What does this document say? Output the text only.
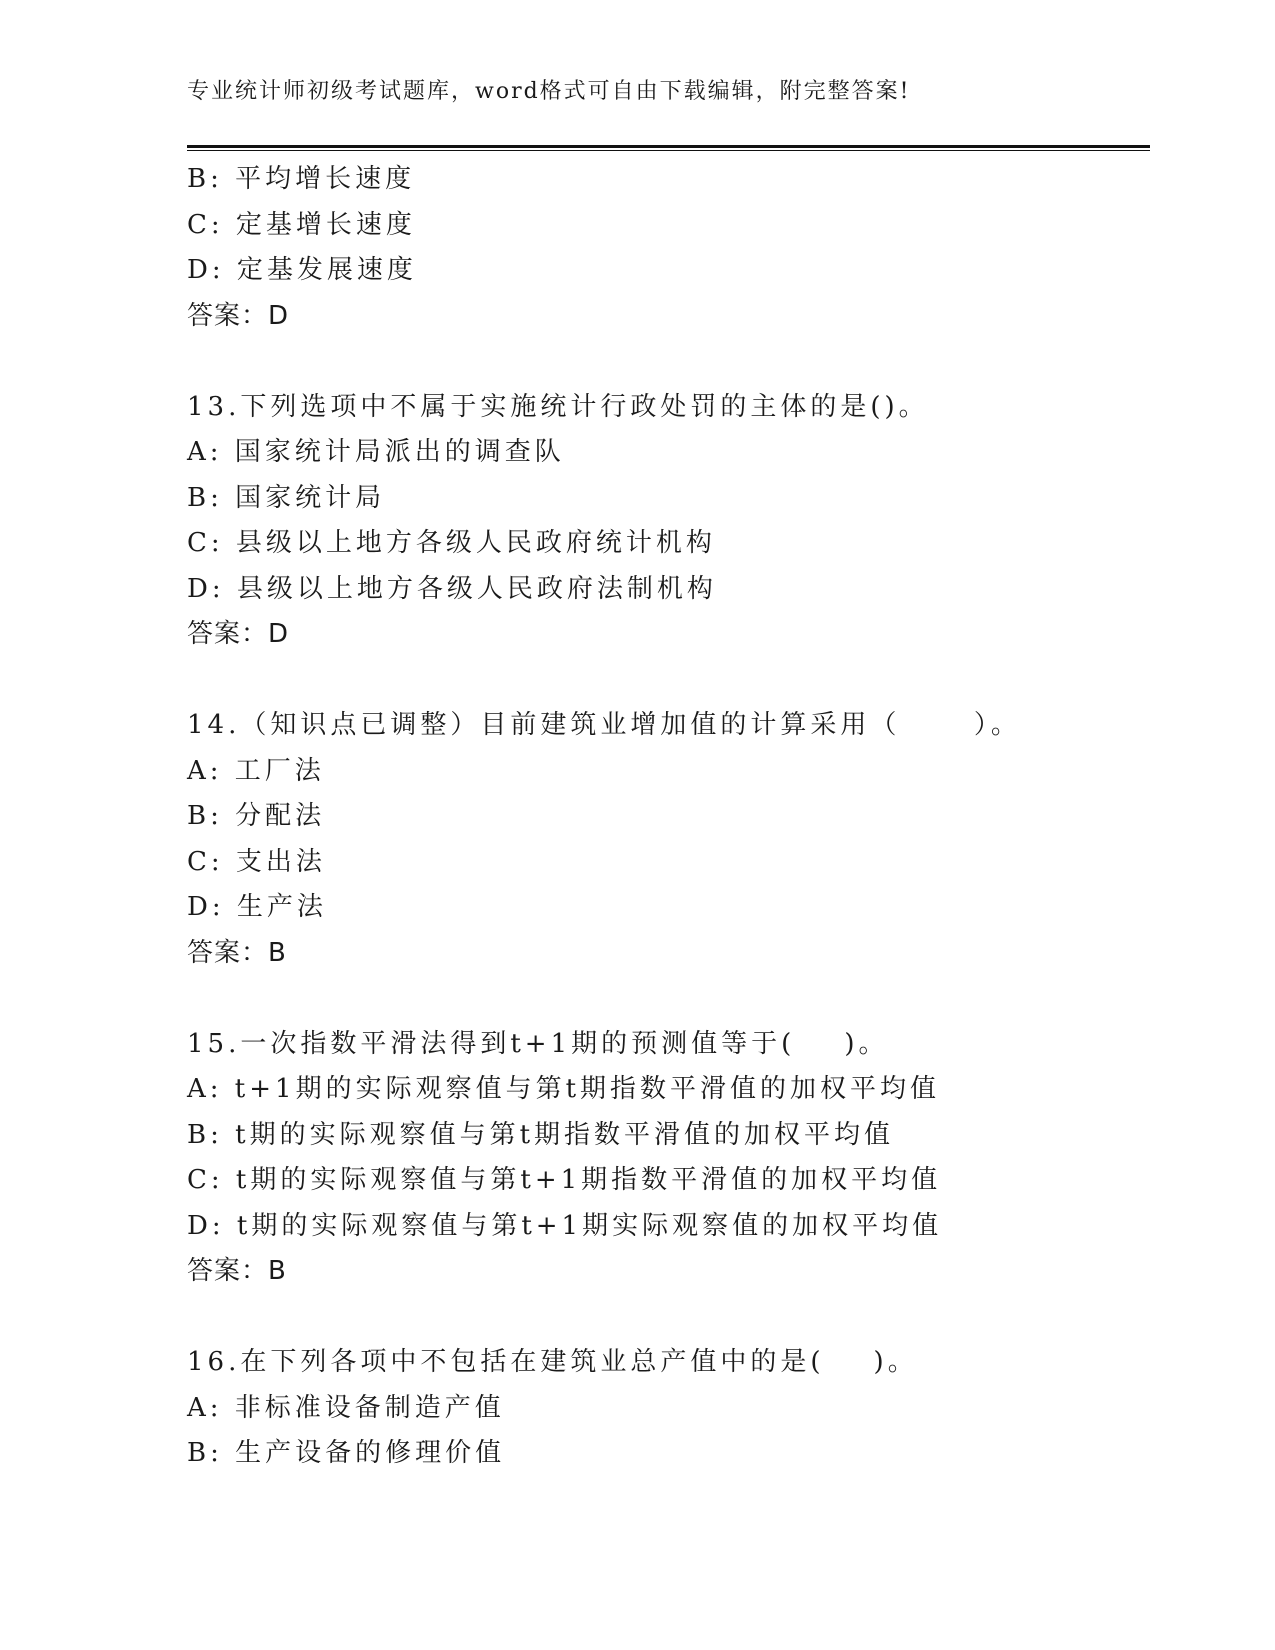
专业统计师初级考试题库，word格式可自由下载编辑，附完整答案!
B: 平均增长速度
C: 定基增长速度
D: 定基发展速度
答案：D
13.下列选项中不属于实施统计行政处罚的主体的是()。
A: 国家统计局派出的调查队
B: 国家统计局
C: 县级以上地方各级人民政府统计机构
D: 县级以上地方各级人民政府法制机构
答案：D
14.（知识点已调整）目前建筑业增加值的计算采用（      ）。
A: 工厂法
B: 分配法
C: 支出法
D: 生产法
答案：B
15.一次指数平滑法得到t+1期的预测值等于(    )。
A: t+1期的实际观察值与第t期指数平滑值的加权平均值
B: t期的实际观察值与第t期指数平滑值的加权平均值
C: t期的实际观察值与第t+1期指数平滑值的加权平均值
D: t期的实际观察值与第t+1期实际观察值的加权平均值
答案：B
16.在下列各项中不包括在建筑业总产值中的是(    )。
A: 非标准设备制造产值
B: 生产设备的修理价值
